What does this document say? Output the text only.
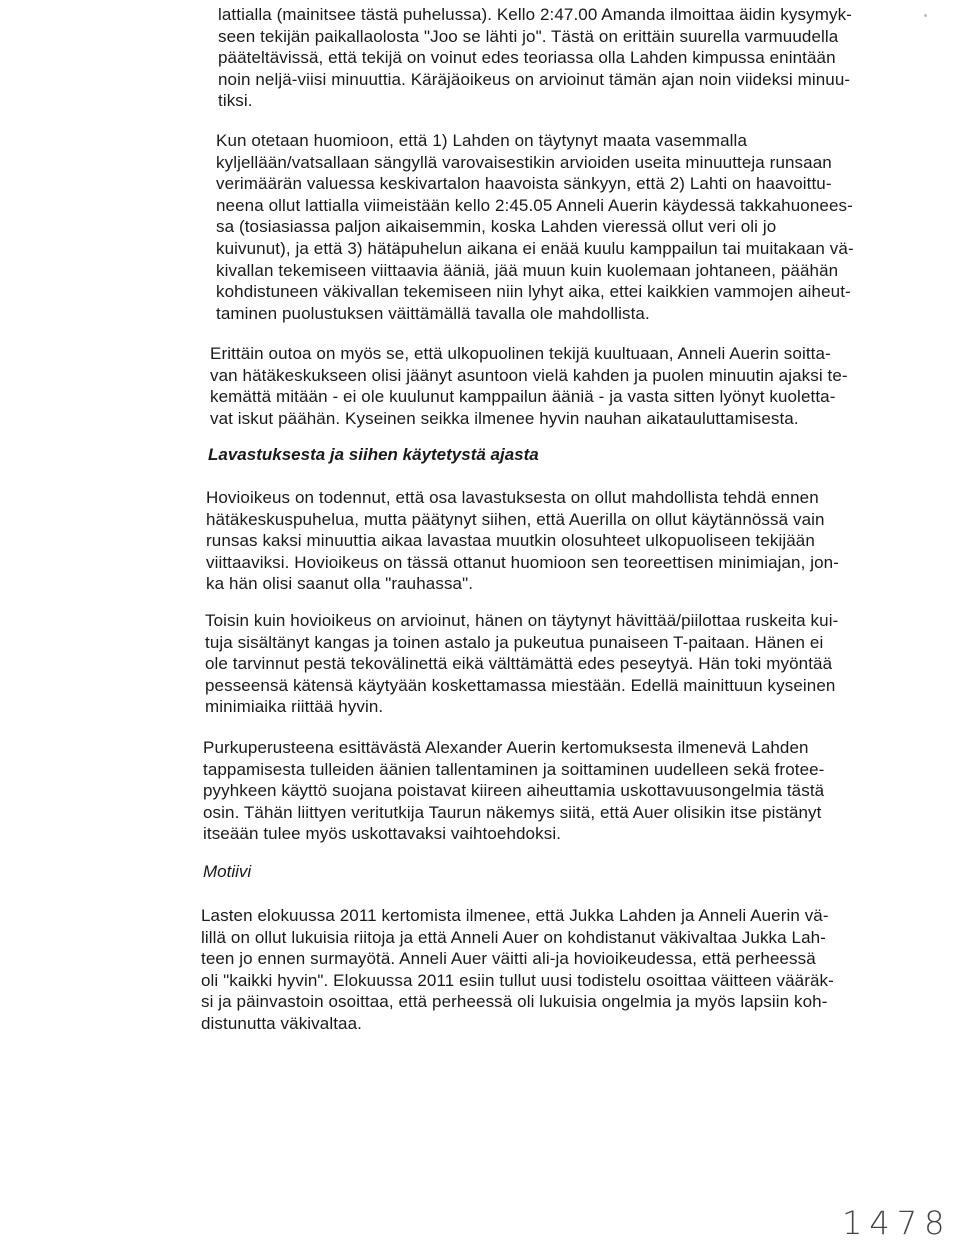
lattialla (mainitsee tästä puhelussa). Kello 2:47.00 Amanda ilmoittaa äidin kysymyk-
seen tekijän paikallaolosta "Joo se lähti jo". Tästä on erittäin suurella varmuudella
pääteltävissä, että tekijä on voinut edes teoriassa olla Lahden kimpussa enintään
noin neljä-viisi minuuttia. Käräjäoikeus on arvioinut tämän ajan noin viideksi minuu-
tiksi.
Kun otetaan huomioon, että 1) Lahden on täytynyt maata vasemmalla
kyljellään/vatsallaan sängyllä varovaisestikin arvioiden useita minuutteja runsaan
verimäärän valuessa keskivartalon haavoista sänkyyn, että 2) Lahti on haavoittu-
neena ollut lattialla viimeistään kello 2:45.05 Anneli Auerin käydessä takkahuonees-
sa (tosiasiassa paljon aikaisemmin, koska Lahden vieressä ollut veri oli jo
kuivunut), ja että 3) hätäpuhelun aikana ei enää kuulu kamppailun tai muitakaan vä-
kivallan tekemiseen viittaavia ääniä, jää muun kuin kuolemaan johtaneen, päähän
kohdistuneen väkivallan tekemiseen niin lyhyt aika, ettei kaikkien vammojen aiheut-
taminen puolustuksen väittämällä tavalla ole mahdollista.
Erittäin outoa on myös se, että ulkopuolinen tekijä kuultuaan, Anneli Auerin soitta-
van hätäkeskukseen olisi jäänyt asuntoon vielä kahden ja puolen minuutin ajaksi te-
kemättä mitään - ei ole kuulunut kamppailun ääniä - ja vasta sitten lyönyt kuoletta-
vat iskut päähän. Kyseinen seikka ilmenee hyvin nauhan aikatauluttamisesta.
Lavastuksesta ja siihen käytetystä ajasta
Hovioikeus on todennut, että osa lavastuksesta on ollut mahdollista tehdä ennen
hätäkeskuspuhelua, mutta päätynyt siihen, että Auerilla on ollut käytännössä vain
runsas kaksi minuuttia aikaa lavastaa muutkin olosuhteet ulkopuoliseen tekijään
viittaaviksi. Hovioikeus on tässä ottanut huomioon sen teoreettisen minimiajan, jon-
ka hän olisi saanut olla "rauhassa".
Toisin kuin hovioikeus on arvioinut, hänen on täytynyt hävittää/piilottaa ruskeita kui-
tuja sisältänyt kangas ja toinen astalo ja pukeutua punaiseen T-paitaan. Hänen ei
ole tarvinnut pestä tekovälinettä eikä välttämättä edes peseytyä. Hän toki myöntää
pesseensä kätensä käytyään koskettamassa miestään. Edellä mainittuun kyseinen
minimiaika riittää hyvin.
Purkuperusteena esittävästä Alexander Auerin kertomuksesta ilmenevä Lahden
tappamisesta tulleiden äänien tallentaminen ja soittaminen uudelleen sekä frotee-
pyyhkeen käyttö suojana poistavat kiireen aiheuttamia uskottavuusongelmia tästä
osin. Tähän liittyen veritutkija Taurun näkemys siitä, että Auer olisikin itse pistänyt
itseään tulee myös uskottavaksi vaihtoehdoksi.
Motiivi
Lasten elokuussa 2011 kertomista ilmenee, että Jukka Lahden ja Anneli Auerin vä-
lillä on ollut lukuisia riitoja ja että Anneli Auer on kohdistanut väkivaltaa Jukka Lah-
teen jo ennen surmayötä. Anneli Auer väitti ali-ja hovioikeudessa, että perheessä
oli "kaikki hyvin". Elokuussa 2011 esiin tullut uusi todistelu osoittaa väitteen vääräk-
si ja päinvastoin osoittaa, että perheessä oli lukuisia ongelmia ja myös lapsiin koh-
distunutta väkivaltaa.
1478
